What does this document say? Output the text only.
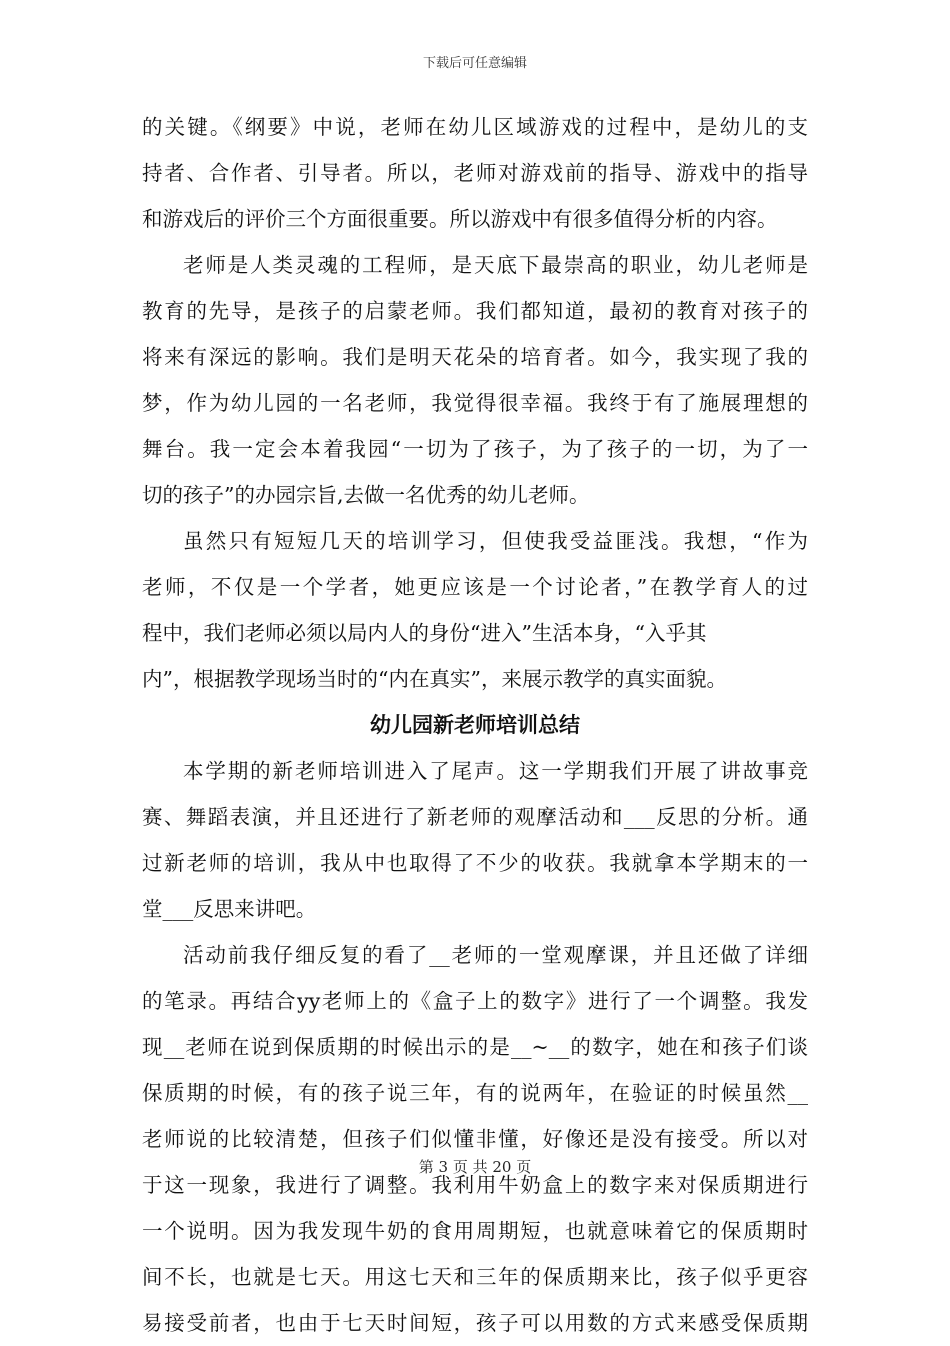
下载后可任意编辑
的关键。《纲要》中说，老师在幼儿区域游戏的过程中，是幼儿的支
持者、合作者、引导者。所以，老师对游戏前的指导、游戏中的指导
和游戏后的评价三个方面很重要。所以游戏中有很多值得分析的内容。
老师是人类灵魂的工程师，是天底下最崇高的职业，幼儿老师是
教育的先导，是孩子的启蒙老师。我们都知道，最初的教育对孩子的
将来有深远的影响。我们是明天花朵的培育者。如今，我实现了我的
梦，作为幼儿园的一名老师，我觉得很幸福。我终于有了施展理想的
舞台。我一定会本着我园“一切为了孩子，为了孩子的一切，为了一
切的孩子”的办园宗旨,去做一名优秀的幼儿老师。
虽然只有短短几天的培训学习，但使我受益匪浅。我想，“作为
老师，不仅是一个学者，她更应该是一个讨论者，”在教学育人的过
程中，我们老师必须以局内人的身份“进入”生活本身，“入乎其
内”，根据教学现场当时的“内在真实”，来展示教学的真实面貌。
幼儿园新老师培训总结
本学期的新老师培训进入了尾声。这一学期我们开展了讲故事竞
赛、舞蹈表演，并且还进行了新老师的观摩活动和___反思的分析。通
过新老师的培训，我从中也取得了不少的收获。我就拿本学期末的一
堂___反思来讲吧。
活动前我仔细反复的看了__老师的一堂观摩课，并且还做了详细
的笔录。再结合yy老师上的《盒子上的数字》进行了一个调整。我发
现__老师在说到保质期的时候出示的是__~__的数字，她在和孩子们谈
保质期的时候，有的孩子说三年，有的说两年，在验证的时候虽然__
老师说的比较清楚，但孩子们似懂非懂，好像还是没有接受。所以对
于这一现象，我进行了调整。我利用牛奶盒上的数字来对保质期进行
一个说明。因为我发现牛奶的食用周期短，也就意味着它的保质期时
间不长，也就是七天。用这七天和三年的保质期来比，孩子似乎更容
易接受前者，也由于七天时间短，孩子可以用数的方式来感受保质期
第 3 页 共 20 页
